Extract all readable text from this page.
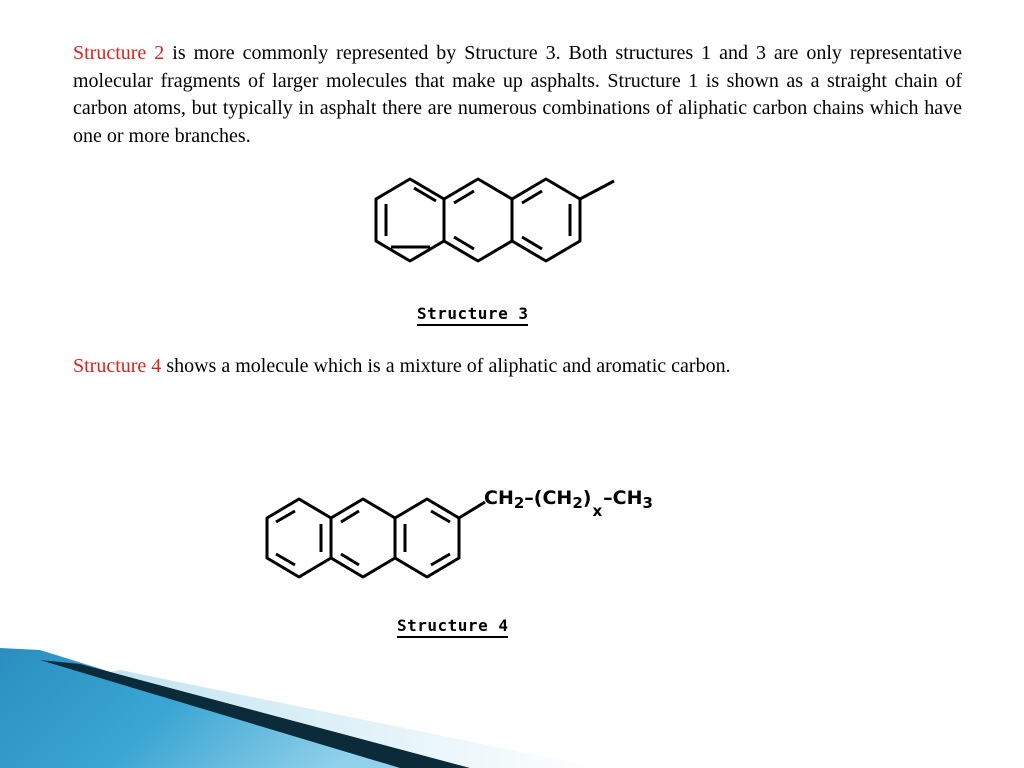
Structure 2 is more commonly represented by Structure 3. Both structures 1 and 3 are only representative molecular fragments of larger molecules that make up asphalts. Structure 1 is shown as a straight chain of carbon atoms, but typically in asphalt there are numerous combinations of aliphatic carbon chains which have one or more branches.

Structure 3

Structure 4 shows a molecule which is a mixture of aliphatic and aromatic carbon.

$CH_2-(CH_2)_x-CH_3$
Structure 4
